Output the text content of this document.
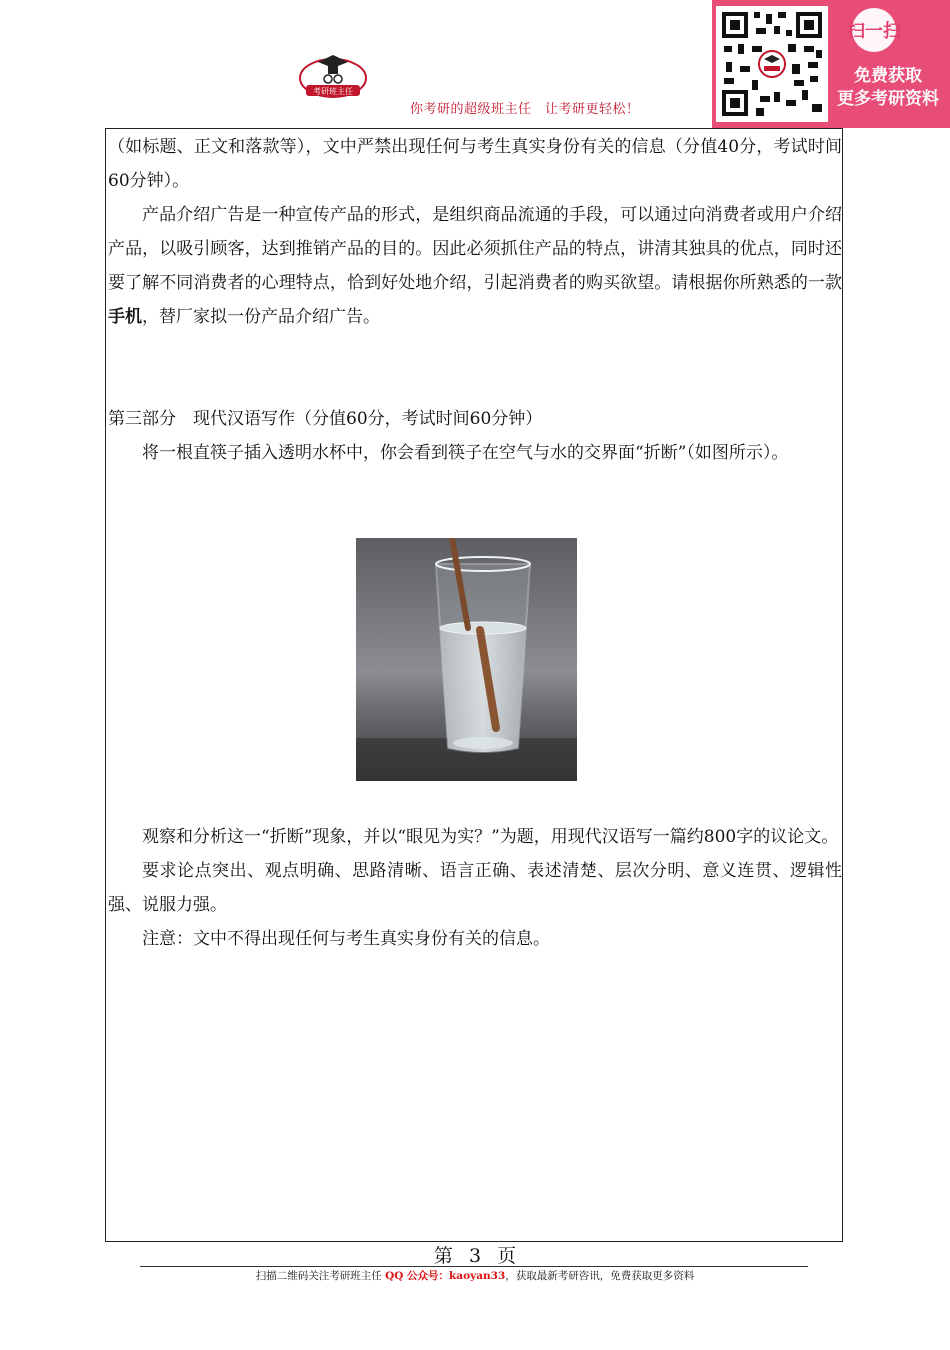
考研班主任
你考研的超级班主任　让考研更轻松！
扫一扫
免费获取
更多考研资料

（如标题、正文和落款等），文中严禁出现任何与考生真实身份有关的信息（分值40分，考试时间60分钟）。

产品介绍广告是一种宣传产品的形式，是组织商品流通的手段，可以通过向消费者或用户介绍产品，以吸引顾客，达到推销产品的目的。因此必须抓住产品的特点，讲清其独具的优点，同时还要了解不同消费者的心理特点，恰到好处地介绍，引起消费者的购买欲望。请根据你所熟悉的一款手机，替厂家拟一份产品介绍广告。

第三部分　现代汉语写作（分值60分，考试时间60分钟）

将一根直筷子插入透明水杯中，你会看到筷子在空气与水的交界面“折断”（如图所示）。

观察和分析这一“折断”现象，并以“眼见为实？”为题，用现代汉语写一篇约800字的议论文。

要求论点突出、观点明确、思路清晰、语言正确、表述清楚、层次分明、意义连贯、逻辑性强、说服力强。

注意：文中不得出现任何与考生真实身份有关的信息。

第 3 页
扫描二维码关注考研班主任 QQ 公众号：kaoyan33，获取最新考研咨讯，免费获取更多资料
